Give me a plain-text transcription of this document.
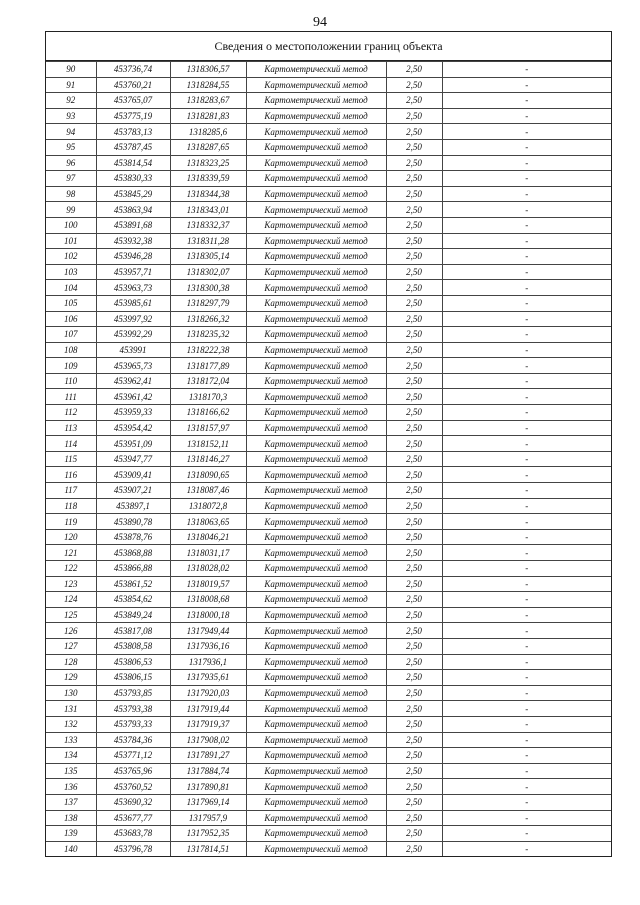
94
Сведения о местоположении границ объекта
90	453736,74	1318306,57	Картометрический метод	2,50	-
91	453760,21	1318284,55	Картометрический метод	2,50	-
92	453765,07	1318283,67	Картометрический метод	2,50	-
93	453775,19	1318281,83	Картометрический метод	2,50	-
94	453783,13	1318285,6	Картометрический метод	2,50	-
95	453787,45	1318287,65	Картометрический метод	2,50	-
96	453814,54	1318323,25	Картометрический метод	2,50	-
97	453830,33	1318339,59	Картометрический метод	2,50	-
98	453845,29	1318344,38	Картометрический метод	2,50	-
99	453863,94	1318343,01	Картометрический метод	2,50	-
100	453891,68	1318332,37	Картометрический метод	2,50	-
101	453932,38	1318311,28	Картометрический метод	2,50	-
102	453946,28	1318305,14	Картометрический метод	2,50	-
103	453957,71	1318302,07	Картометрический метод	2,50	-
104	453963,73	1318300,38	Картометрический метод	2,50	-
105	453985,61	1318297,79	Картометрический метод	2,50	-
106	453997,92	1318266,32	Картометрический метод	2,50	-
107	453992,29	1318235,32	Картометрический метод	2,50	-
108	453991	1318222,38	Картометрический метод	2,50	-
109	453965,73	1318177,89	Картометрический метод	2,50	-
110	453962,41	1318172,04	Картометрический метод	2,50	-
111	453961,42	1318170,3	Картометрический метод	2,50	-
112	453959,33	1318166,62	Картометрический метод	2,50	-
113	453954,42	1318157,97	Картометрический метод	2,50	-
114	453951,09	1318152,11	Картометрический метод	2,50	-
115	453947,77	1318146,27	Картометрический метод	2,50	-
116	453909,41	1318090,65	Картометрический метод	2,50	-
117	453907,21	1318087,46	Картометрический метод	2,50	-
118	453897,1	1318072,8	Картометрический метод	2,50	-
119	453890,78	1318063,65	Картометрический метод	2,50	-
120	453878,76	1318046,21	Картометрический метод	2,50	-
121	453868,88	1318031,17	Картометрический метод	2,50	-
122	453866,88	1318028,02	Картометрический метод	2,50	-
123	453861,52	1318019,57	Картометрический метод	2,50	-
124	453854,62	1318008,68	Картометрический метод	2,50	-
125	453849,24	1318000,18	Картометрический метод	2,50	-
126	453817,08	1317949,44	Картометрический метод	2,50	-
127	453808,58	1317936,16	Картометрический метод	2,50	-
128	453806,53	1317936,1	Картометрический метод	2,50	-
129	453806,15	1317935,61	Картометрический метод	2,50	-
130	453793,85	1317920,03	Картометрический метод	2,50	-
131	453793,38	1317919,44	Картометрический метод	2,50	-
132	453793,33	1317919,37	Картометрический метод	2,50	-
133	453784,36	1317908,02	Картометрический метод	2,50	-
134	453771,12	1317891,27	Картометрический метод	2,50	-
135	453765,96	1317884,74	Картометрический метод	2,50	-
136	453760,52	1317890,81	Картометрический метод	2,50	-
137	453690,32	1317969,14	Картометрический метод	2,50	-
138	453677,77	1317957,9	Картометрический метод	2,50	-
139	453683,78	1317952,35	Картометрический метод	2,50	-
140	453796,78	1317814,51	Картометрический метод	2,50	-
